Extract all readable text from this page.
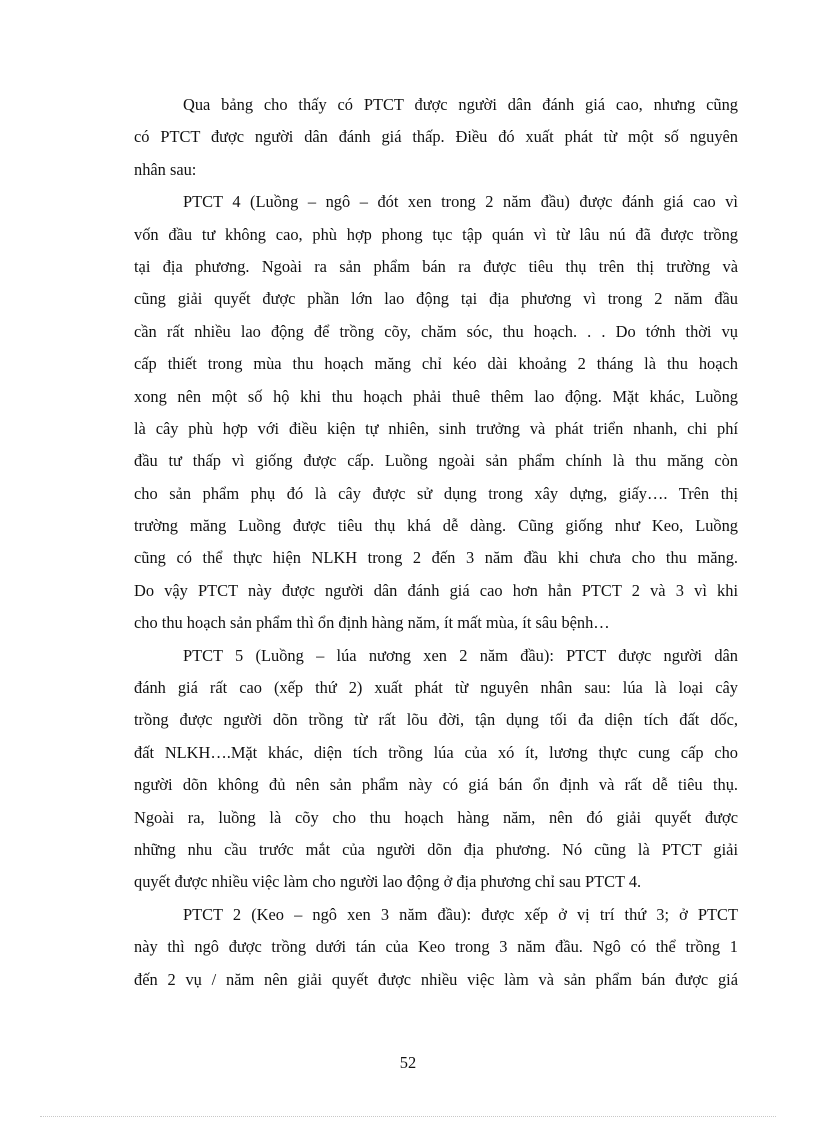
Qua bảng cho thấy có PTCT được người dân đánh giá cao, nhưng cũng
có PTCT được người dân đánh giá thấp. Điều đó xuất phát từ một số nguyên
nhân sau:
PTCT 4 (Luồng – ngô – đót xen trong 2 năm đầu) được đánh giá cao vì
vốn đầu tư không cao, phù hợp phong tục tập quán vì từ lâu nú đã được trồng
tại địa phương. Ngoài ra sản phẩm bán ra được tiêu thụ trên thị trường và
cũng giải quyết được phần lớn lao động tại địa phương vì trong 2 năm đầu
cần rất nhiều lao động để trồng cõy, chăm sóc, thu hoạch. . . Do tớnh thời vụ
cấp thiết trong mùa thu hoạch măng chỉ kéo dài khoảng 2 tháng là thu hoạch
xong nên một số hộ khi thu hoạch phải thuê thêm lao động. Mặt khác, Luồng
là cây phù hợp với điều kiện tự nhiên, sinh trưởng và phát triển nhanh, chi phí
đầu tư thấp vì giống được cấp. Luồng ngoài sản phẩm chính là thu măng còn
cho sản phẩm phụ đó là cây được sử dụng trong xây dựng, giấy…. Trên thị
trường măng Luồng được tiêu thụ khá dễ dàng. Cũng giống như Keo, Luồng
cũng có thể thực hiện NLKH trong 2 đến 3 năm đầu khi chưa cho thu măng.
Do vậy PTCT này được người dân đánh giá cao hơn hẳn PTCT 2 và 3 vì khi
cho thu hoạch sản phẩm thì ổn định hàng năm, ít mất mùa, ít sâu bệnh…
PTCT 5 (Luồng – lúa nương xen 2 năm đầu): PTCT được người dân
đánh giá rất cao (xếp thứ 2) xuất phát từ nguyên nhân sau: lúa là loại cây
trồng được người dõn trồng từ rất lõu đời, tận dụng tối đa diện tích đất dốc,
đất NLKH….Mặt khác, diện tích trồng lúa của xó ít, lương thực cung cấp cho
người dõn không đủ nên sản phẩm này có giá bán ổn định và rất dễ tiêu thụ.
Ngoài ra, luồng là cõy cho thu hoạch hàng năm, nên đó giải quyết được
những nhu cầu trước mắt của người dõn địa phương. Nó cũng là PTCT giải
quyết được nhiều việc làm cho người lao động ở địa phương chỉ sau PTCT 4.
PTCT 2 (Keo – ngô xen 3 năm đầu): được xếp ở vị trí thứ 3; ở PTCT
này thì ngô được trồng dưới tán của Keo trong 3 năm đầu. Ngô có thể trồng 1
đến 2 vụ / năm nên giải quyết được nhiều việc làm và sản phẩm bán được giá
52
